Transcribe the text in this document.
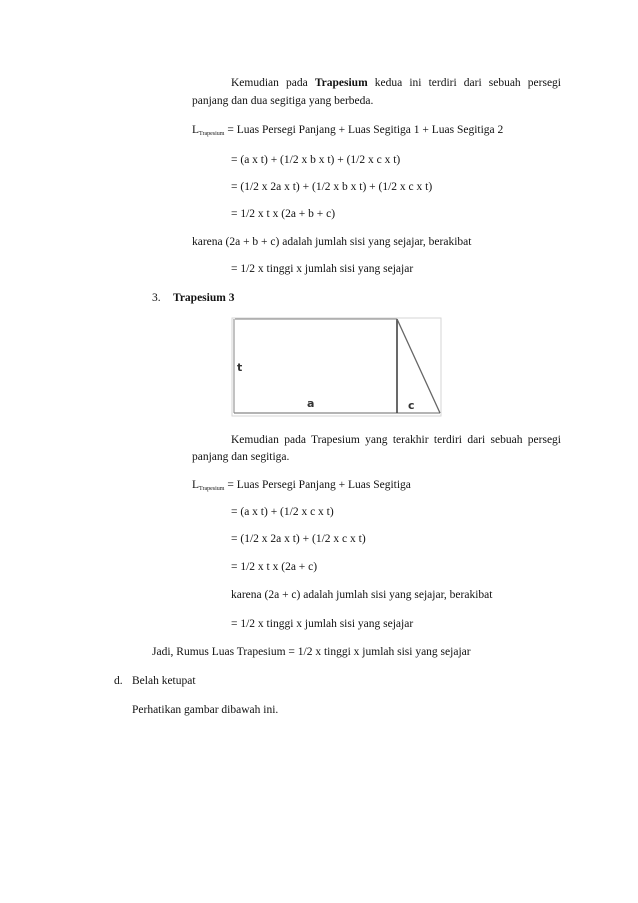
Kemudian pada Trapesium kedua ini terdiri dari sebuah persegi
panjang dan dua segitiga yang berbeda.
$L_{Trapesium}$ = Luas Persegi Panjang + Luas Segitiga 1 + Luas Segitiga 2
= (a x t) + (1/2 x b x t) + (1/2 x c x t)
= (1/2 x 2a x t) + (1/2 x b x t) + (1/2 x c x t)
= 1/2 x t x (2a + b + c)
karena (2a + b + c) adalah jumlah sisi yang sejajar, berakibat
= 1/2 x tinggi x jumlah sisi yang sejajar
3. Trapesium 3
t
a	c
Kemudian pada Trapesium yang terakhir terdiri dari sebuah persegi
panjang dan segitiga.
$L_{Trapesium}$ = Luas Persegi Panjang + Luas Segitiga
= (a x t) + (1/2 x c x t)
= (1/2 x 2a x t) + (1/2 x c x t)
= 1/2 x t x (2a + c)
karena (2a + c) adalah jumlah sisi yang sejajar, berakibat
= 1/2 x tinggi x jumlah sisi yang sejajar
Jadi, Rumus Luas Trapesium = 1/2 x tinggi x jumlah sisi yang sejajar
d. Belah ketupat
Perhatikan gambar dibawah ini.
